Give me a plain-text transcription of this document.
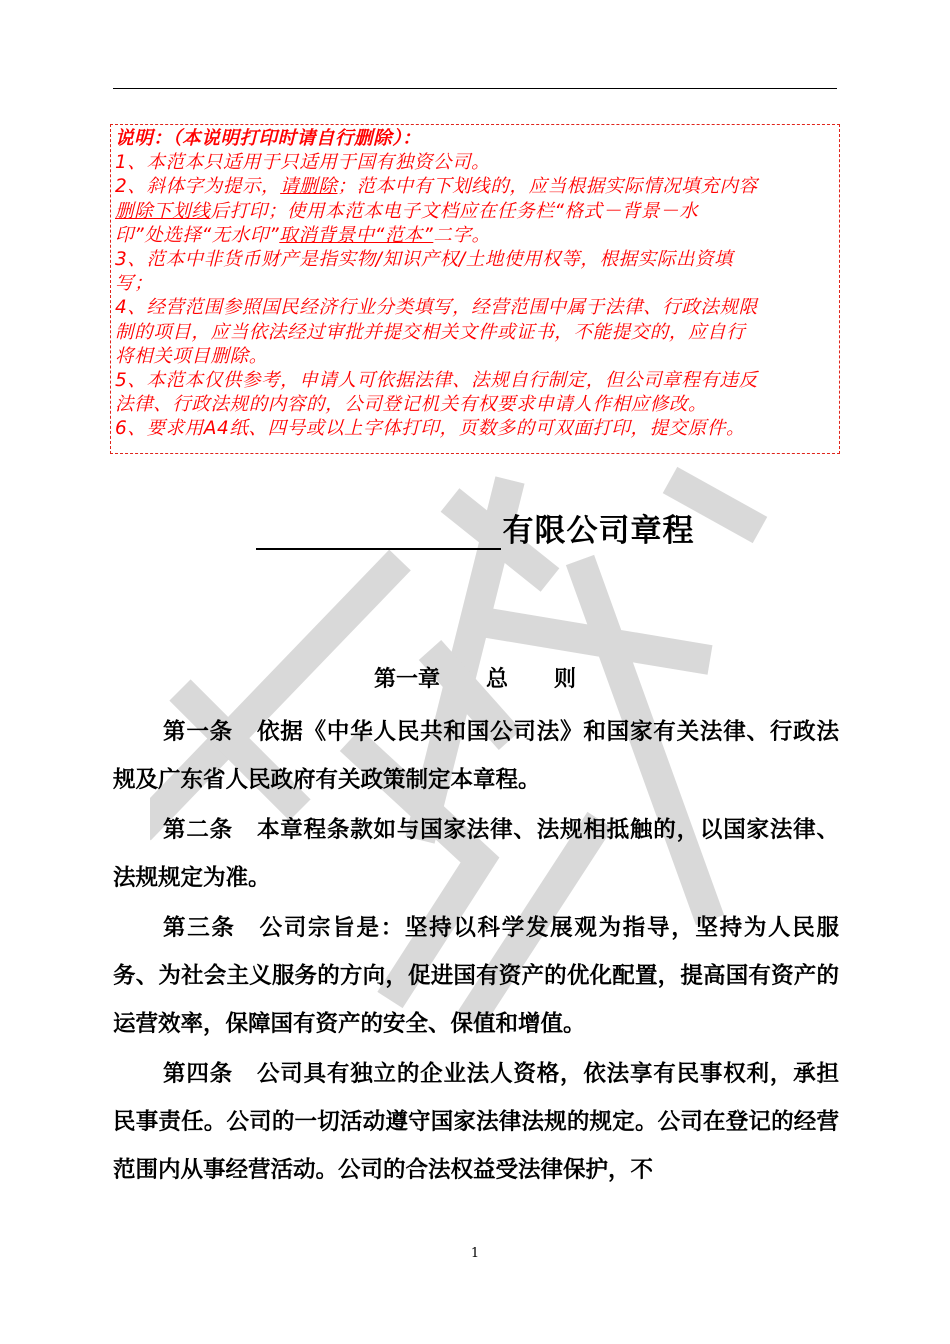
说明：（本说明打印时请自行删除）：

1、本范本只适用于只适用于国有独资公司。

2、斜体字为提示，请删除；范本中有下划线的，应当根据实际情况填充内容

删除下划线后打印；使用本范本电子文档应在任务栏“格式－背景－水

印”处选择“无水印”取消背景中“范本”二字。

3、范本中非货币财产是指实物/知识产权/土地使用权等，根据实际出资填

写；

4、经营范围参照国民经济行业分类填写，经营范围中属于法律、行政法规限

制的项目，应当依法经过审批并提交相关文件或证书，不能提交的，应自行

将相关项目删除。

5、本范本仅供参考，申请人可依据法律、法规自行制定，但公司章程有违反

法律、行政法规的内容的，公司登记机关有权要求申请人作相应修改。

6、要求用A4纸、四号或以上字体打印，页数多的可双面打印，提交原件。

有限公司章程
第一章 总 则

第一条 依据《中华人民共和国公司法》和国家有关法律、行政法规及广东省人民政府有关政策制定本章程。

第二条 本章程条款如与国家法律、法规相抵触的，以国家法律、法规规定为准。

第三条 公司宗旨是：坚持以科学发展观为指导，坚持为人民服务、为社会主义服务的方向，促进国有资产的优化配置，提高国有资产的运营效率，保障国有资产的安全、保值和增值。

第四条 公司具有独立的企业法人资格，依法享有民事权利，承担民事责任。公司的一切活动遵守国家法律法规的规定。公司在登记的经营范围内从事经营活动。公司的合法权益受法律保护，不

1
